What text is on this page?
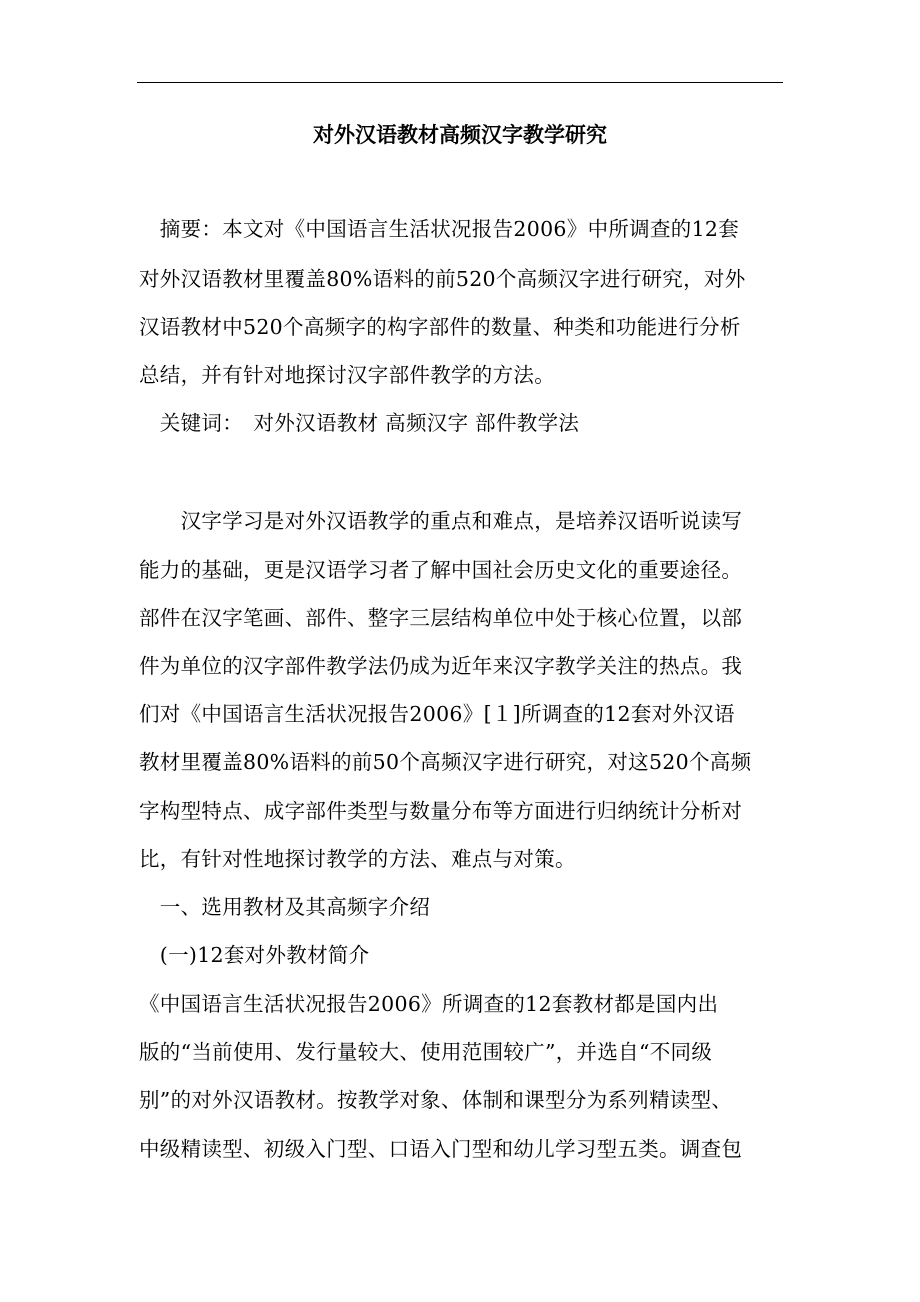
对外汉语教材高频汉字教学研究
　摘要：本文对《中国语言生活状况报告2006》中所调查的12套
对外汉语教材里覆盖80%语料的前520个高频汉字进行研究，对外
汉语教材中520个高频字的构字部件的数量、种类和功能进行分析
总结，并有针对地探讨汉字部件教学的方法。
　关键词：　对外汉语教材 高频汉字 部件教学法
　　汉字学习是对外汉语教学的重点和难点，是培养汉语听说读写
能力的基础，更是汉语学习者了解中国社会历史文化的重要途径。
部件在汉字笔画、部件、整字三层结构单位中处于核心位置，以部
件为单位的汉字部件教学法仍成为近年来汉字教学关注的热点。我
们对《中国语言生活状况报告2006》[１]所调查的12套对外汉语
教材里覆盖80%语料的前50个高频汉字进行研究，对这520个高频
字构型特点、成字部件类型与数量分布等方面进行归纳统计分析对
比，有针对性地探讨教学的方法、难点与对策。
　一、选用教材及其高频字介绍
　(一)12套对外教材简介
《中国语言生活状况报告2006》所调查的12套教材都是国内出
版的“当前使用、发行量较大、使用范围较广”，并选自“不同级
别”的对外汉语教材。按教学对象、体制和课型分为系列精读型、
中级精读型、初级入门型、口语入门型和幼儿学习型五类。调查包
